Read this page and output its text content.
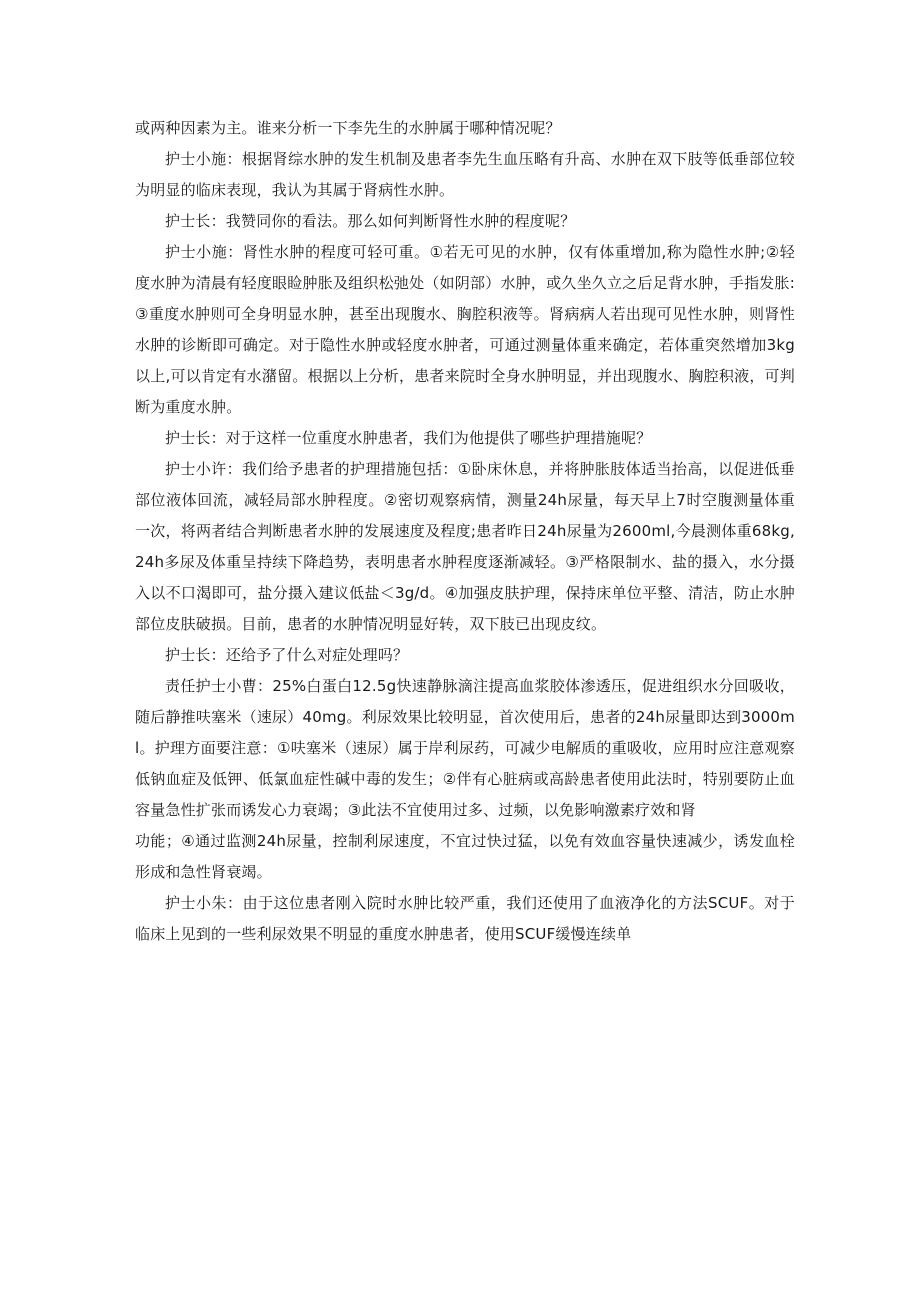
或两种因素为主。谁来分析一下李先生的水肿属于哪种情况呢？

护士小施：根据肾综水肿的发生机制及患者李先生血压略有升高、水肿在双下肢等低垂部位较为明显的临床表现，我认为其属于肾病性水肿。

护士长：我赞同你的看法。那么如何判断肾性水肿的程度呢？

护士小施：肾性水肿的程度可轻可重。①若无可见的水肿，仅有体重增加,称为隐性水肿;②轻度水肿为清晨有轻度眼睑肿胀及组织松弛处（如阴部）水肿，或久坐久立之后足背水肿，手指发胀:③重度水肿则可全身明显水肿，甚至出现腹水、胸腔积液等。肾病病人若出现可见性水肿，则肾性水肿的诊断即可确定。对于隐性水肿或轻度水肿者，可通过测量体重来确定，若体重突然增加3kg以上,可以肯定有水潴留。根据以上分析，患者来院时全身水肿明显，并出现腹水、胸腔积液，可判断为重度水肿。

护士长：对于这样一位重度水肿患者，我们为他提供了哪些护理措施呢？

护士小许：我们给予患者的护理措施包括：①卧床休息，并将肿胀肢体适当抬高，以促进低垂部位液体回流，减轻局部水肿程度。②密切观察病情，测量24h尿量，每天早上7时空腹测量体重一次，将两者结合判断患者水肿的发展速度及程度;患者昨日24h尿量为2600ml,今晨测体重68kg,24h多尿及体重呈持续下降趋势，表明患者水肿程度逐渐减轻。③严格限制水、盐的摄入，水分摄入以不口渴即可，盐分摄入建议低盐＜3g/d。④加强皮肤护理，保持床单位平整、清洁，防止水肿部位皮肤破损。目前，患者的水肿情况明显好转，双下肢已出现皮纹。

护士长：还给予了什么对症处理吗？

责任护士小曹：25%白蛋白12.5g快速静脉滴注提高血浆胶体渗透压，促进组织水分回吸收，随后静推呋塞米（速尿）40mg。利尿效果比较明显，首次使用后，患者的24h尿量即达到3000ml。护理方面要注意：①呋塞米（速尿）属于岸利尿药，可减少电解质的重吸收，应用时应注意观察低钠血症及低钾、低氯血症性碱中毒的发生；②伴有心脏病或高龄患者使用此法时，特别要防止血容量急性扩张而诱发心力衰竭；③此法不宜使用过多、过频，以免影响激素疗效和肾

功能；④通过监测24h尿量，控制利尿速度，不宜过快过猛，以免有效血容量快速减少，诱发血栓形成和急性肾衰竭。

护士小朱：由于这位患者刚入院时水肿比较严重，我们还使用了血液净化的方法SCUF。对于临床上见到的一些利尿效果不明显的重度水肿患者，使用SCUF缓慢连续单
